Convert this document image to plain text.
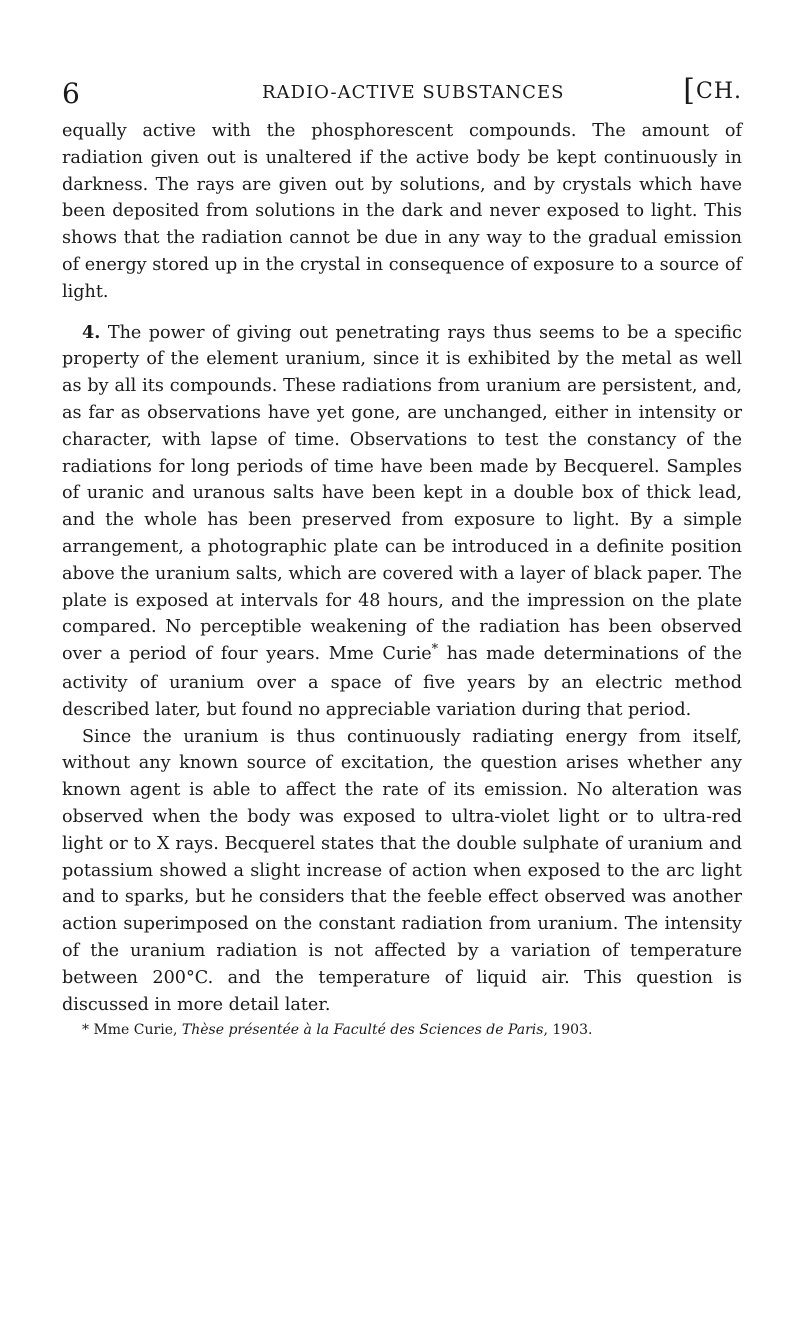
6	RADIO-ACTIVE SUBSTANCES	[CH.

equally active with the phosphorescent compounds. The amount of radiation given out is unaltered if the active body be kept continuously in darkness. The rays are given out by solutions, and by crystals which have been deposited from solutions in the dark and never exposed to light. This shows that the radiation cannot be due in any way to the gradual emission of energy stored up in the crystal in consequence of exposure to a source of light.

4. The power of giving out penetrating rays thus seems to be a specific property of the element uranium, since it is exhibited by the metal as well as by all its compounds. These radiations from uranium are persistent, and, as far as observations have yet gone, are unchanged, either in intensity or character, with lapse of time. Observations to test the constancy of the radiations for long periods of time have been made by Becquerel. Samples of uranic and uranous salts have been kept in a double box of thick lead, and the whole has been preserved from exposure to light. By a simple arrangement, a photographic plate can be introduced in a definite position above the uranium salts, which are covered with a layer of black paper. The plate is exposed at intervals for 48 hours, and the impression on the plate compared. No perceptible weakening of the radiation has been observed over a period of four years. Mme Curie* has made determinations of the activity of uranium over a space of five years by an electric method described later, but found no appreciable variation during that period.

Since the uranium is thus continuously radiating energy from itself, without any known source of excitation, the question arises whether any known agent is able to affect the rate of its emission. No alteration was observed when the body was exposed to ultra-violet light or to ultra-red light or to X rays. Becquerel states that the double sulphate of uranium and potassium showed a slight increase of action when exposed to the arc light and to sparks, but he considers that the feeble effect observed was another action superimposed on the constant radiation from uranium. The intensity of the uranium radiation is not affected by a variation of temperature between 200°C. and the temperature of liquid air. This question is discussed in more detail later.

* Mme Curie, Thèse présentée à la Faculté des Sciences de Paris, 1903.
